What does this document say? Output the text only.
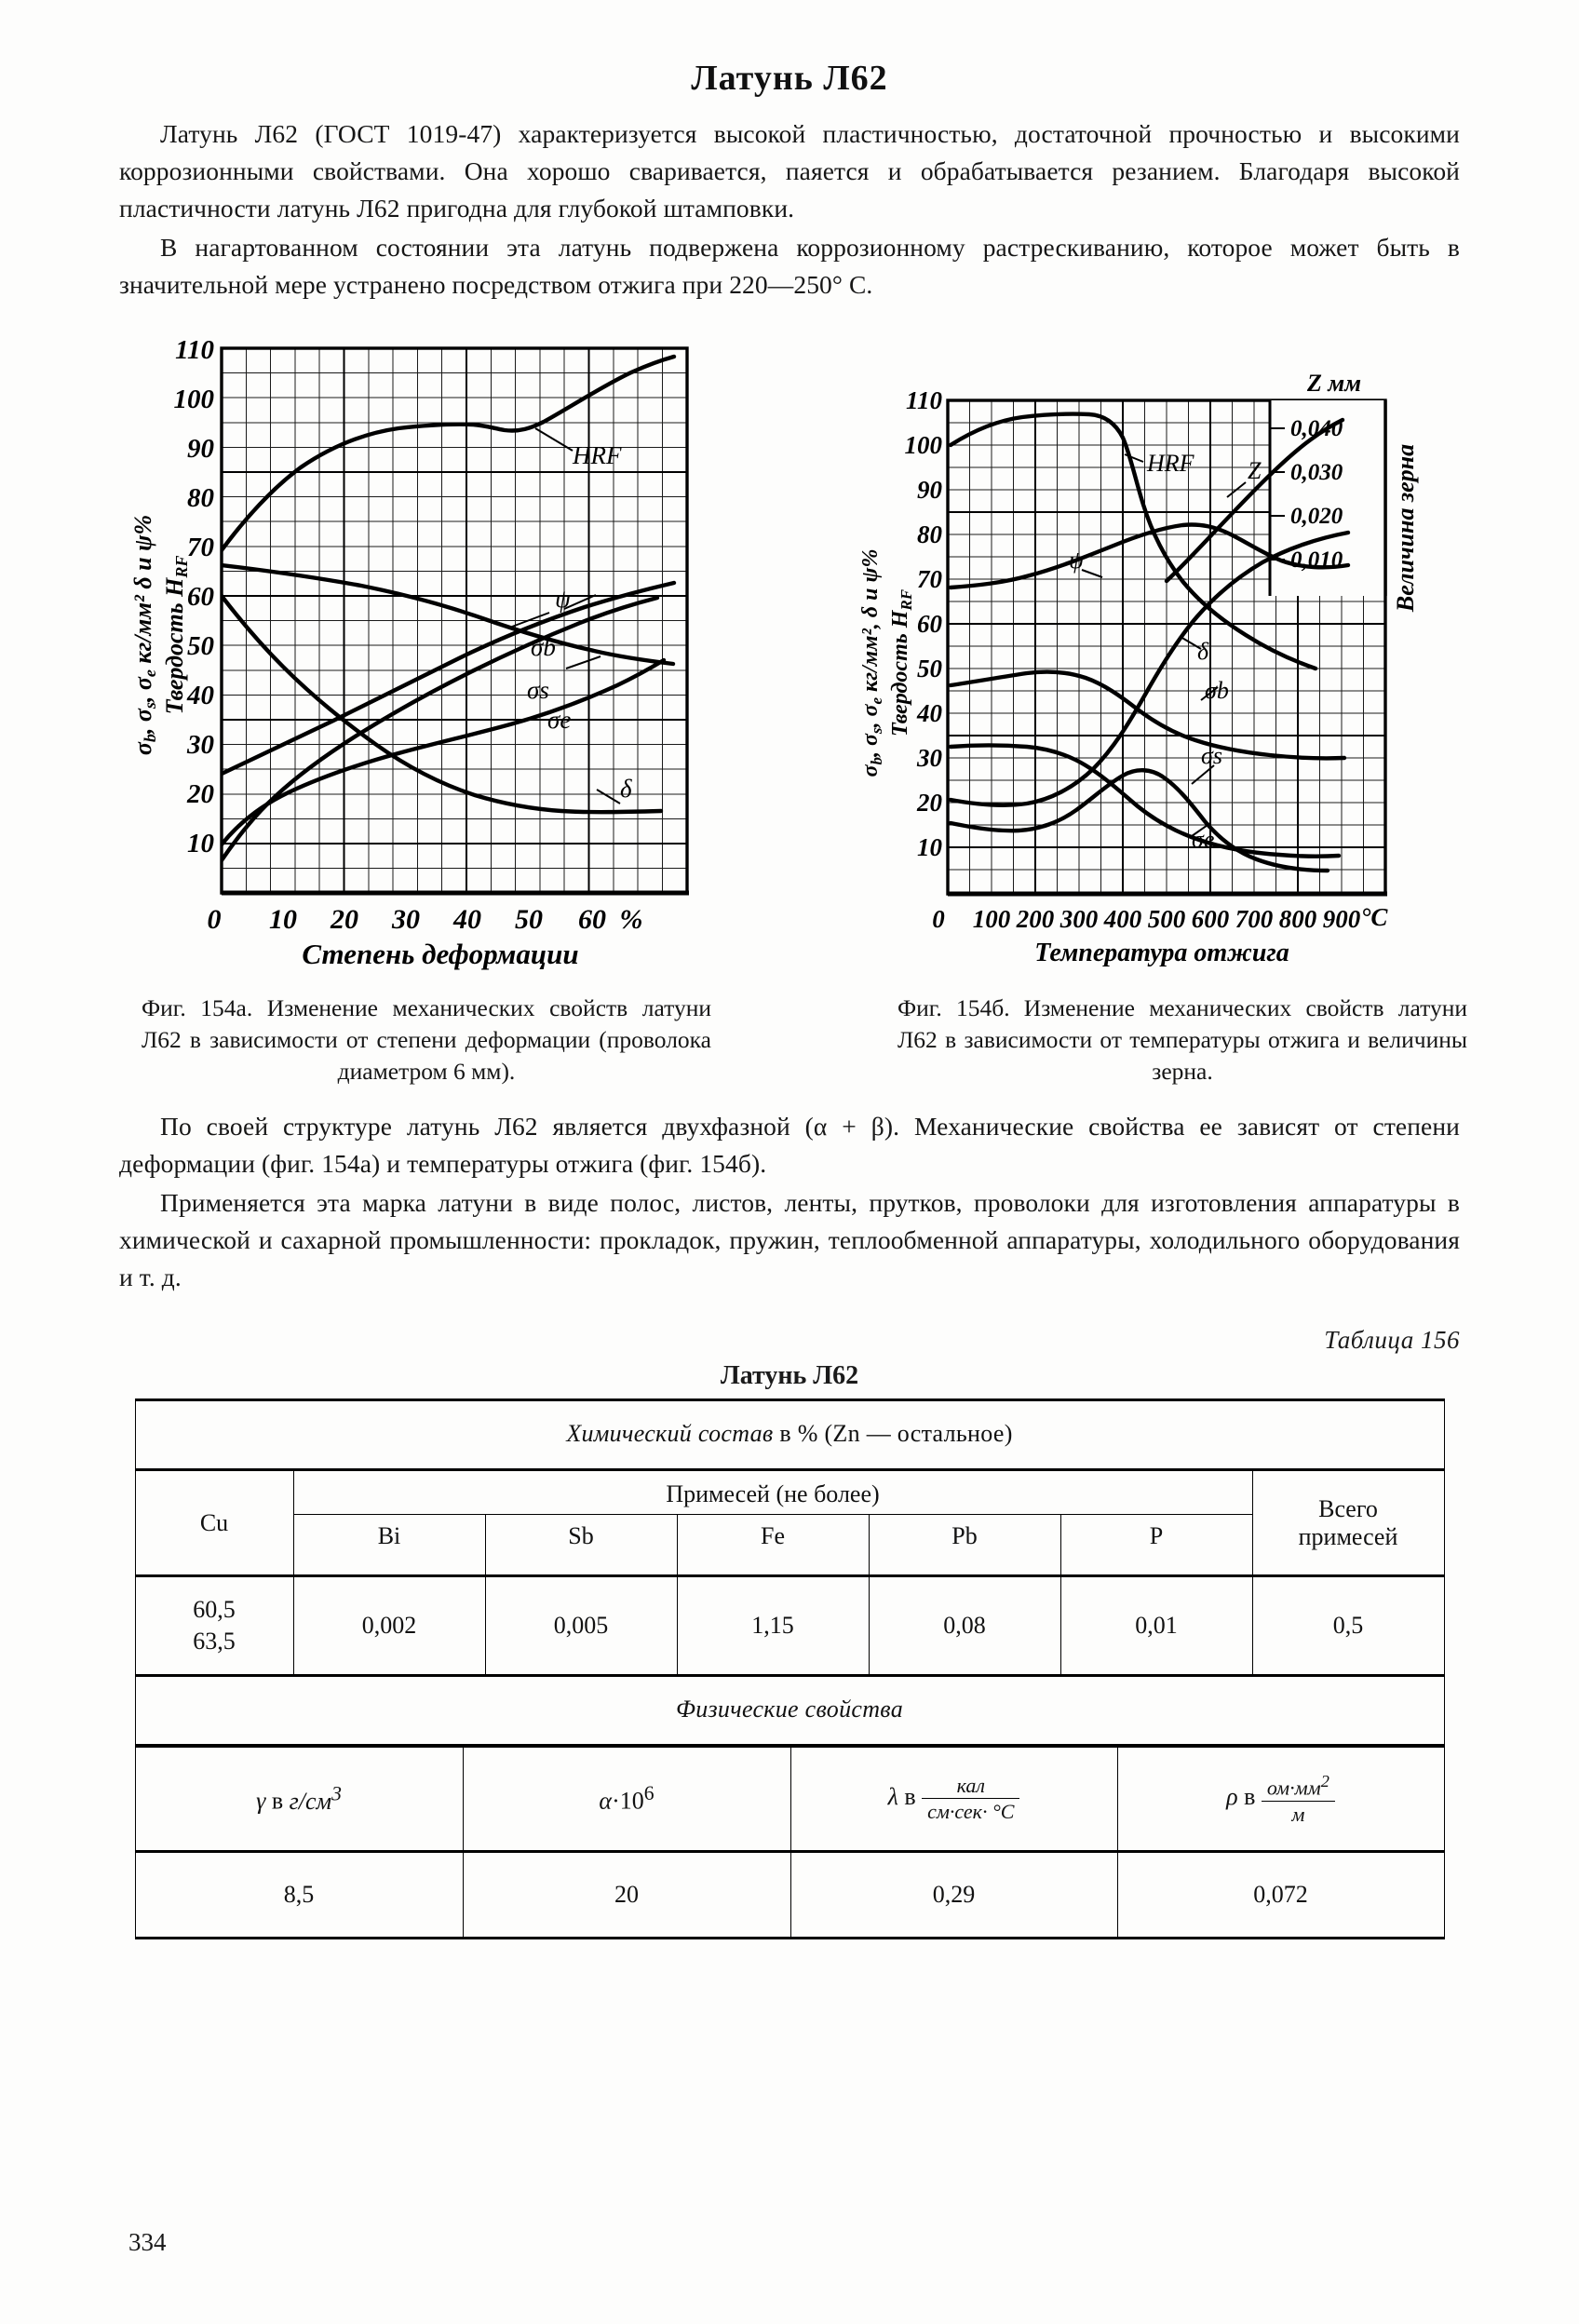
Латунь Л62

Латунь Л62 (ГОСТ 1019-47) характеризуется высокой пластичностью, достаточной прочностью и высокими коррозионными свойствами. Она хорошо сваривается, паяется и обрабатывается резанием. Благодаря высокой пластичности латунь Л62 пригодна для глубокой штамповки.

В нагартованном состоянии эта латунь подвержена коррозионному растрескиванию, которое может быть в значительной мере устранено посредством отжига при 220—250° С.

HRF
ψ
σb
σs
σe
δ
110
100
90
80
70
60
50
40
30
20
10
0 10 20 30 40 50 60 %
Степень деформации
σb, σs, σe кг/мм² δ и ψ% Твердость HRF
0,040
0,030
0,020
0,010
Z мм
Величина зерна
HRF
ψ
δ
σb
σs
σe
Z
110
100
90
80
70
60
50
40
30
20
10
0 100 200 300 400 500 600 700 800 900 °C
Температура отжига
$\sigma_b$, $\sigma_s$, $\sigma_e$ кг/мм², δ и ψ% Твердость $H_{RF}$
Фиг. 154а. Изменение механических свойств латуни Л62 в зависимости от степени деформации (проволока диаметром 6 мм).
Фиг. 154б. Изменение механических свойств латуни Л62 в зависимости от температуры отжига и величины зерна.

По своей структуре латунь Л62 является двухфазной (α + β). Механические свойства ее зависят от степени деформации (фиг. 154а) и температуры отжига (фиг. 154б).

Применяется эта марка латуни в виде полос, листов, ленты, прутков, проволоки для изготовления аппаратуры в химической и сахарной промышленности: прокладок, пружин, теплообменной аппаратуры, холодильного оборудования и т. д.

Таблица 156
Латунь Л62
Химический состав в % (Zn — остальное)						
Cu	Примесей (не более)					Всего
примесей
	Bi	Sb	Fe	Pb	P	
60,5
63,5	0,002	0,005	1,15	0,08	0,01	0,5
Физические свойства						
γ в $г/см^3$	$\alpha\cdot 10^6$	λ в $\frac{\text{кал}}{\text{см·сек· °C}}$	ρ в $\frac{ом\cdot мм^2}{м}$

8,5	20	0,29	0,072
334
